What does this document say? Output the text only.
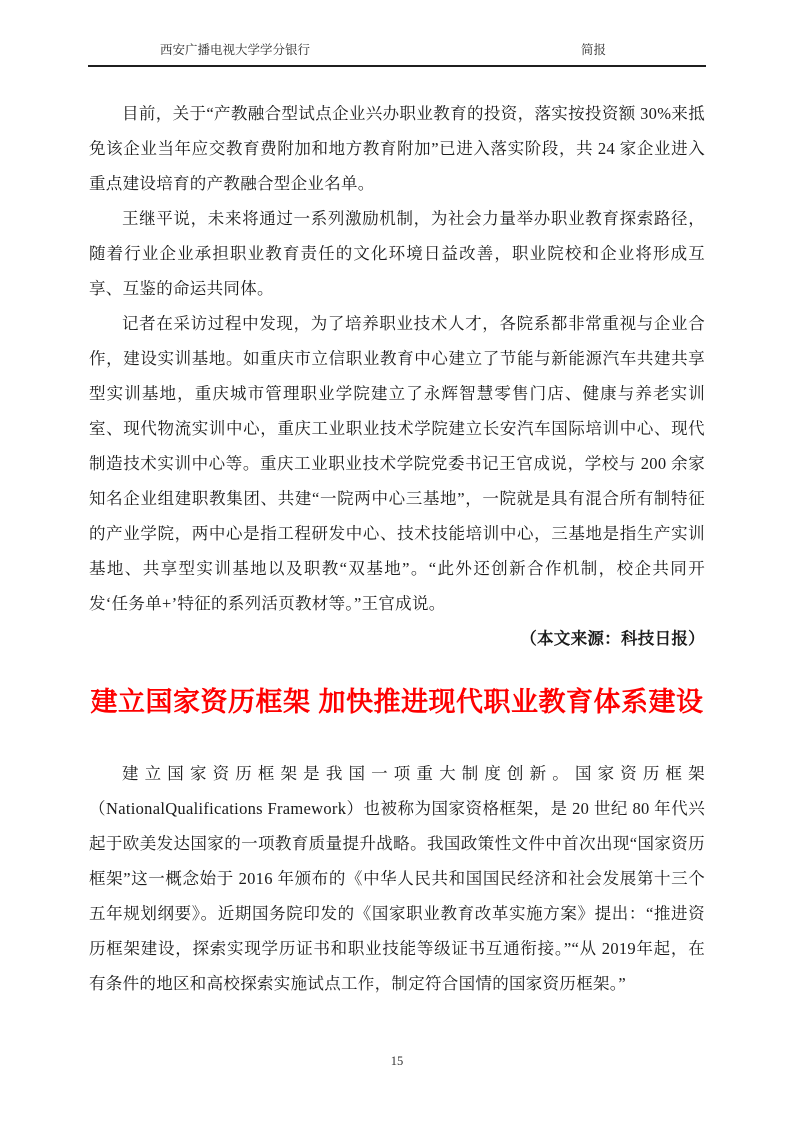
西安广播电视大学学分银行	简报

目前，关于“产教融合型试点企业兴办职业教育的投资，落实按投资额 30%来抵免该企业当年应交教育费附加和地方教育附加”已进入落实阶段，共 24 家企业进入重点建设培育的产教融合型企业名单。

王继平说，未来将通过一系列激励机制，为社会力量举办职业教育探索路径，随着行业企业承担职业教育责任的文化环境日益改善，职业院校和企业将形成互享、互鉴的命运共同体。

记者在采访过程中发现，为了培养职业技术人才，各院系都非常重视与企业合作，建设实训基地。如重庆市立信职业教育中心建立了节能与新能源汽车共建共享型实训基地，重庆城市管理职业学院建立了永辉智慧零售门店、健康与养老实训室、现代物流实训中心，重庆工业职业技术学院建立长安汽车国际培训中心、现代制造技术实训中心等。重庆工业职业技术学院党委书记王官成说，学校与 200 余家知名企业组建职教集团、共建“一院两中心三基地”，一院就是具有混合所有制特征的产业学院，两中心是指工程研发中心、技术技能培训中心，三基地是指生产实训基地、共享型实训基地以及职教“双基地”。“此外还创新合作机制，校企共同开发‘任务单+’特征的系列活页教材等。”王官成说。

（本文来源：科技日报）

建立国家资历框架 加快推进现代职业教育体系建设

建立国家资历框架是我国一项重大制度创新。国家资历框架（NationalQualifications Framework）也被称为国家资格框架，是 20 世纪 80 年代兴起于欧美发达国家的一项教育质量提升战略。我国政策性文件中首次出现“国家资历框架”这一概念始于 2016 年颁布的《中华人民共和国国民经济和社会发展第十三个五年规划纲要》。近期国务院印发的《国家职业教育改革实施方案》提出：“推进资历框架建设，探索实现学历证书和职业技能等级证书互通衔接。”“从 2019年起，在有条件的地区和高校探索实施试点工作，制定符合国情的国家资历框架。”

15
